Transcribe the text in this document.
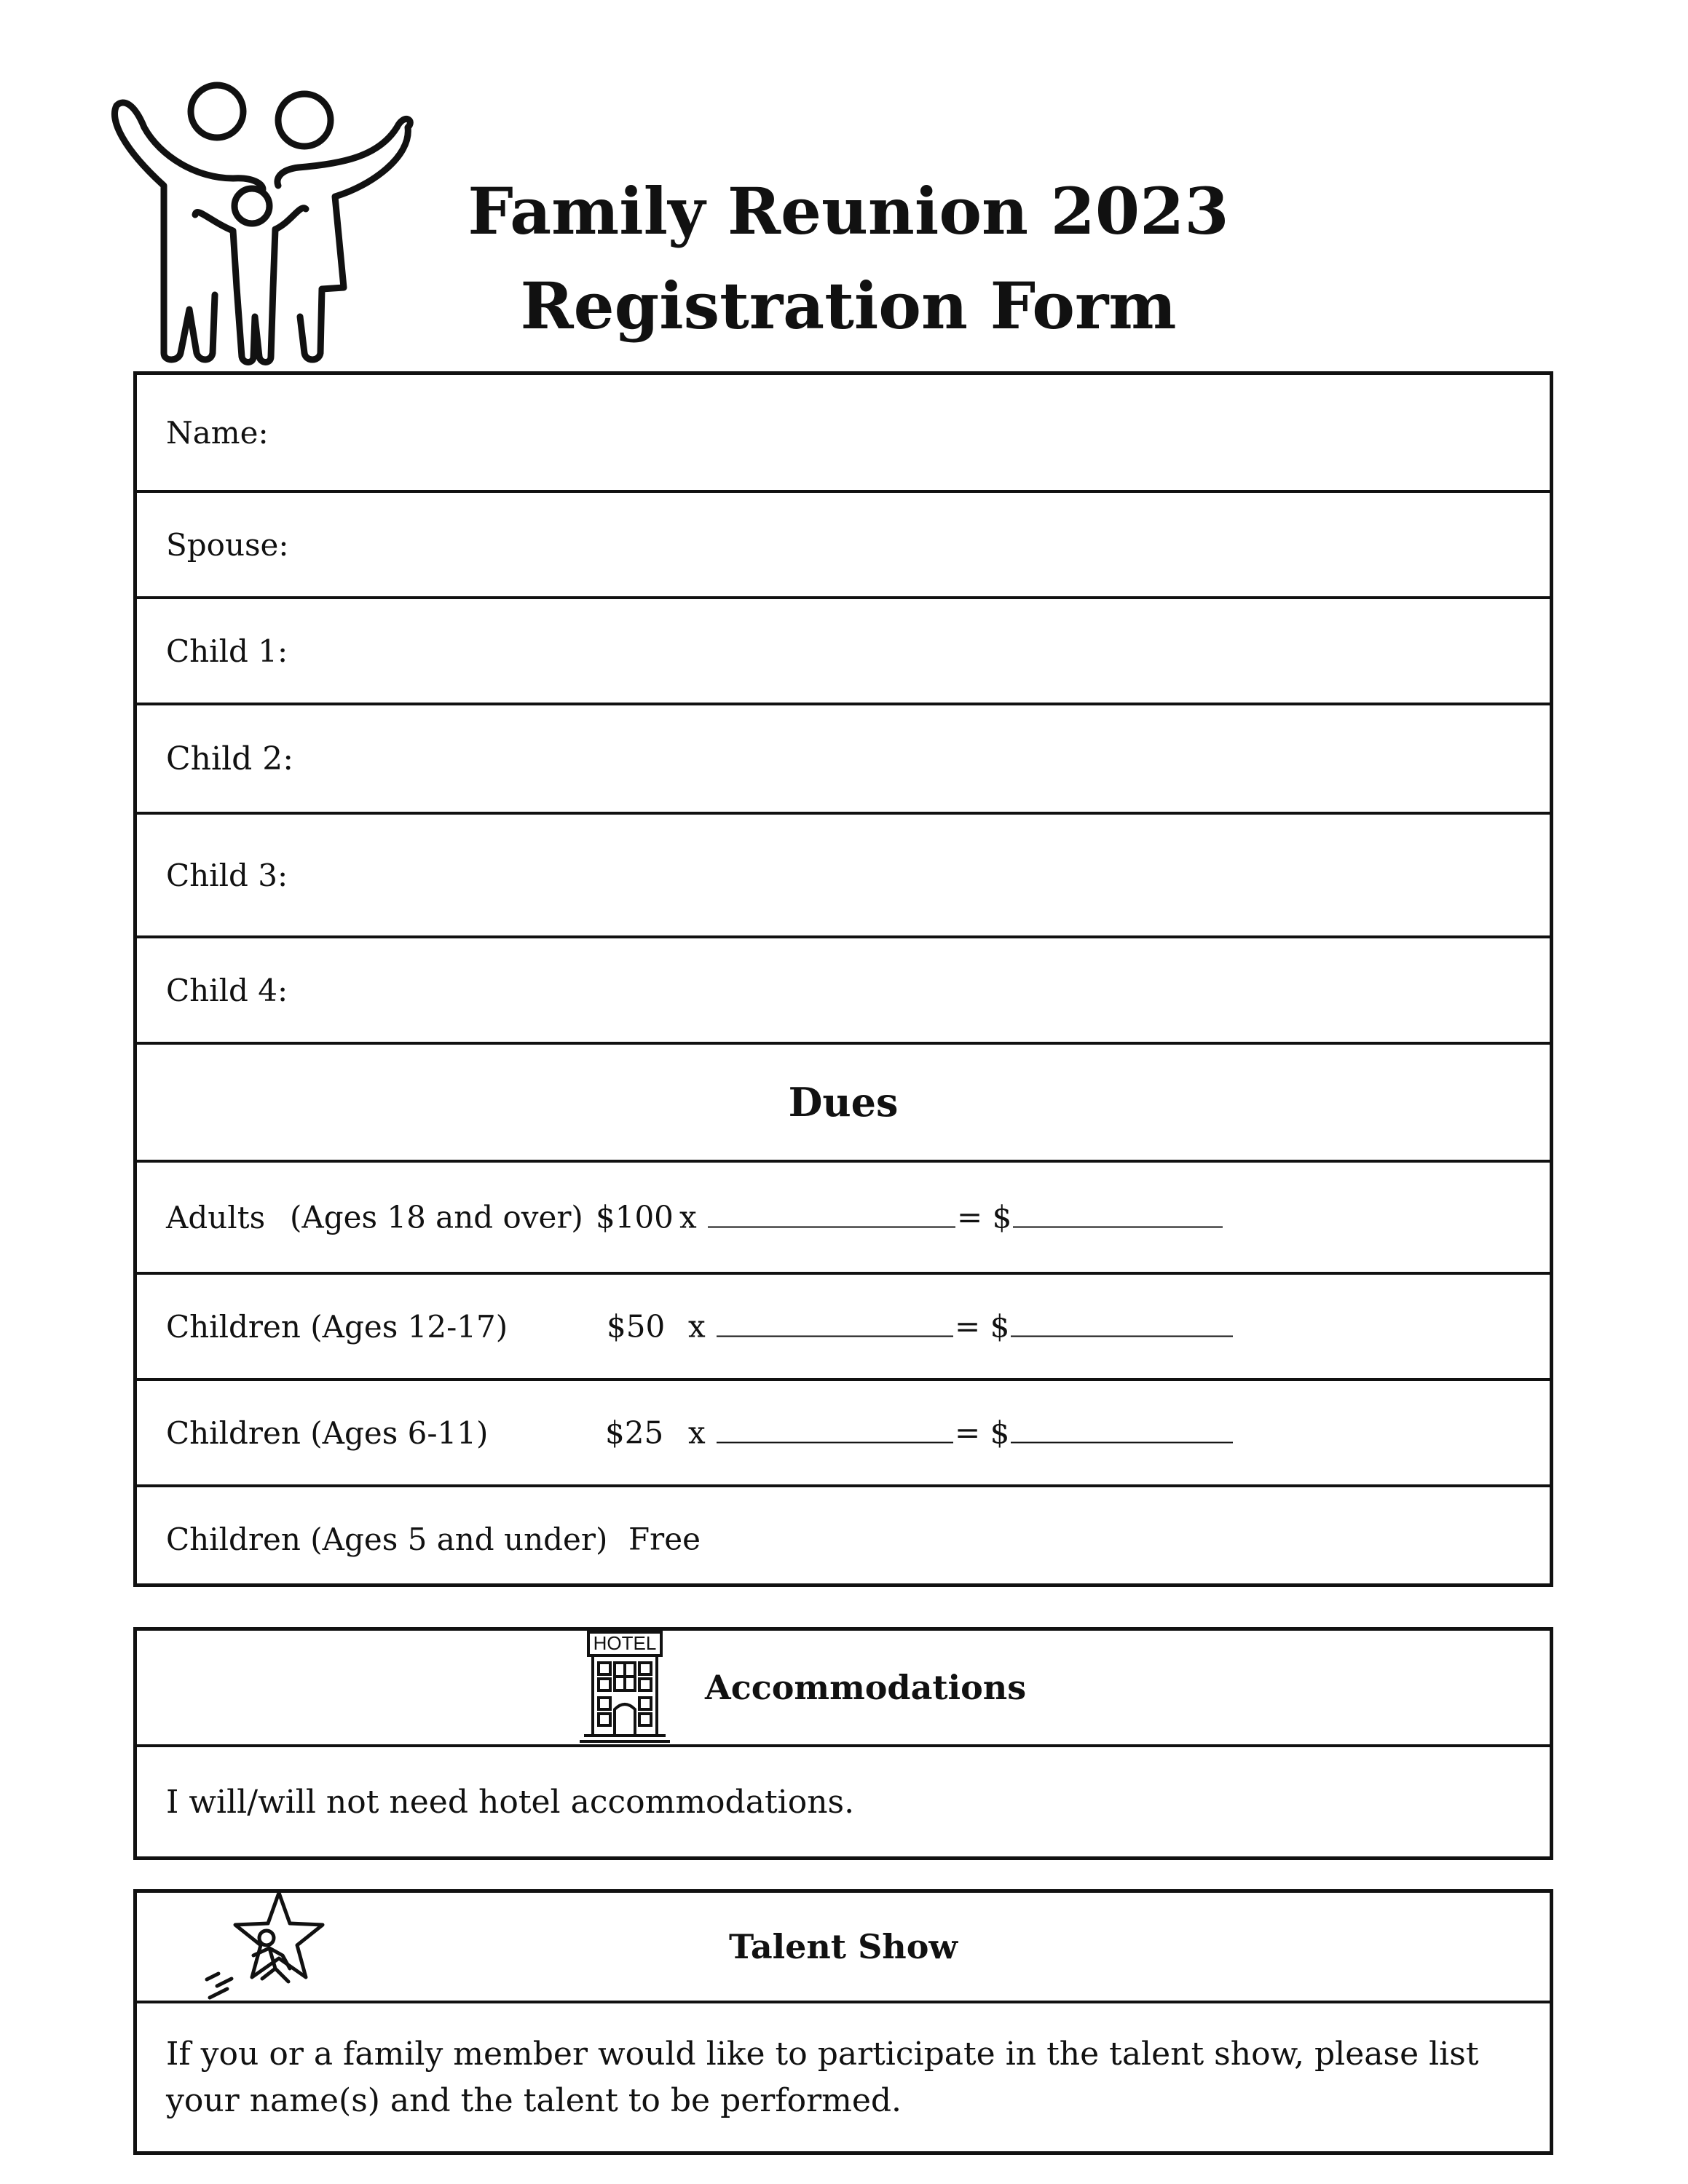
Family Reunion 2023
Registration Form
Name:
Spouse:
Child 1:
Child 2:
Child 3:
Child 4:
Dues
Adults (Ages 18 and over) $100 x	= $
Children (Ages 12-17)	$50 x	= $
Children (Ages 6-11)	$25 x	= $
Children (Ages 5 and under) Free
HOTEL
Accommodations
I will/will not need hotel accommodations.
Talent Show
If you or a family member would like to participate in the talent show, please list your name(s) and the talent to be performed.
